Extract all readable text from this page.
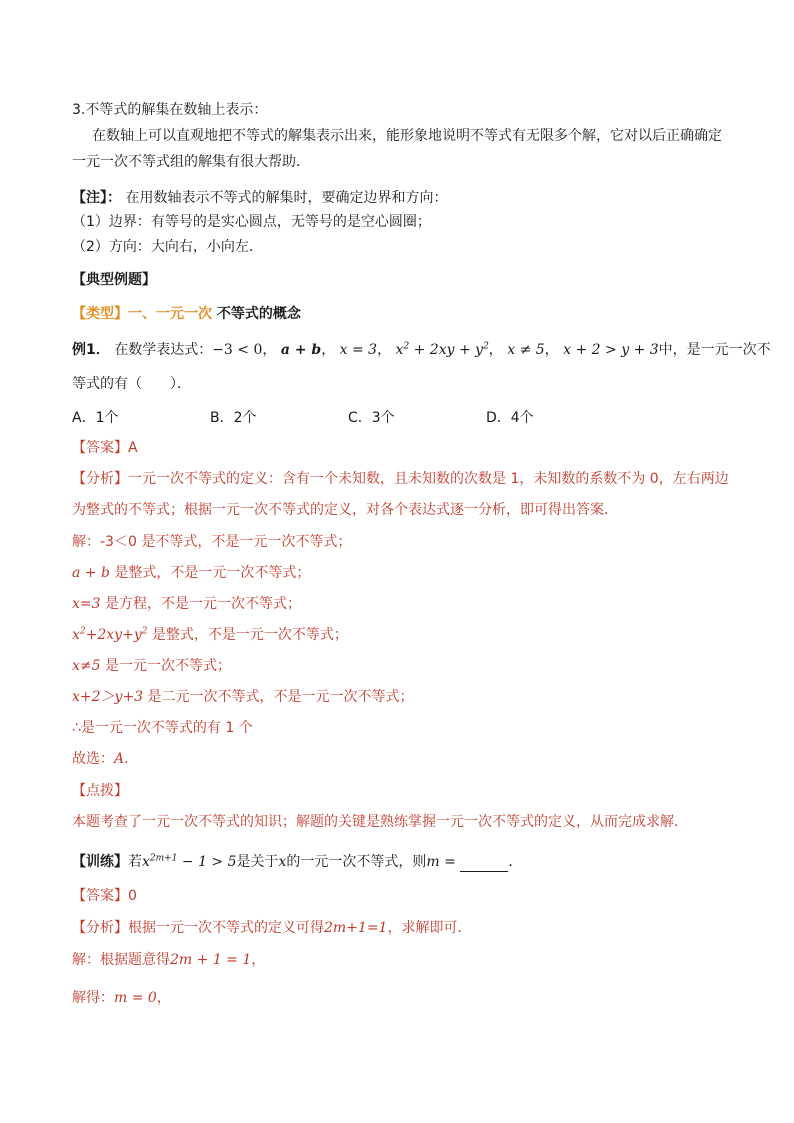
3.不等式的解集在数轴上表示：
在数轴上可以直观地把不等式的解集表示出来，能形象地说明不等式有无限多个解，它对以后正确确定
一元一次不等式组的解集有很大帮助．
【注】： 在用数轴表示不等式的解集时，要确定边界和方向：
（1）边界：有等号的是实心圆点，无等号的是空心圆圈；
（2）方向：大向右，小向左．
【典型例题】
【类型】一、一元一次 不等式的概念
例1． 在数学表达式：−3 < 0， a + b， x = 3， $x^2 + 2xy + y^2$， x ≠ 5， x + 2 > y + 3中，是一元一次不
等式的有（　　）．
A．1个	B．2个	C．3个	D．4个
【答案】A
【分析】一元一次不等式的定义：含有一个未知数，且未知数的次数是 1，未知数的系数不为 0，左右两边
为整式的不等式；根据一元一次不等式的定义，对各个表达式逐一分析，即可得出答案．
解：-3＜0 是不等式，不是一元一次不等式；
a + b 是整式，不是一元一次不等式；
x=3 是方程，不是一元一次不等式；
$x^2+2xy+y^2$ 是整式，不是一元一次不等式；
x≠5 是一元一次不等式；
x+2＞y+3 是二元一次不等式，不是一元一次不等式；
∴是一元一次不等式的有 1 个
故选：A.
【点拨】
本题考查了一元一次不等式的知识；解题的关键是熟练掌握一元一次不等式的定义，从而完成求解．
【训练】若$x^{2m+1} - 1 > 5$是关于x的一元一次不等式，则m =	．
【答案】0
【分析】根据一元一次不等式的定义可得2m+1=1，求解即可．
解：根据题意得2m + 1 = 1，
解得：m = 0，
